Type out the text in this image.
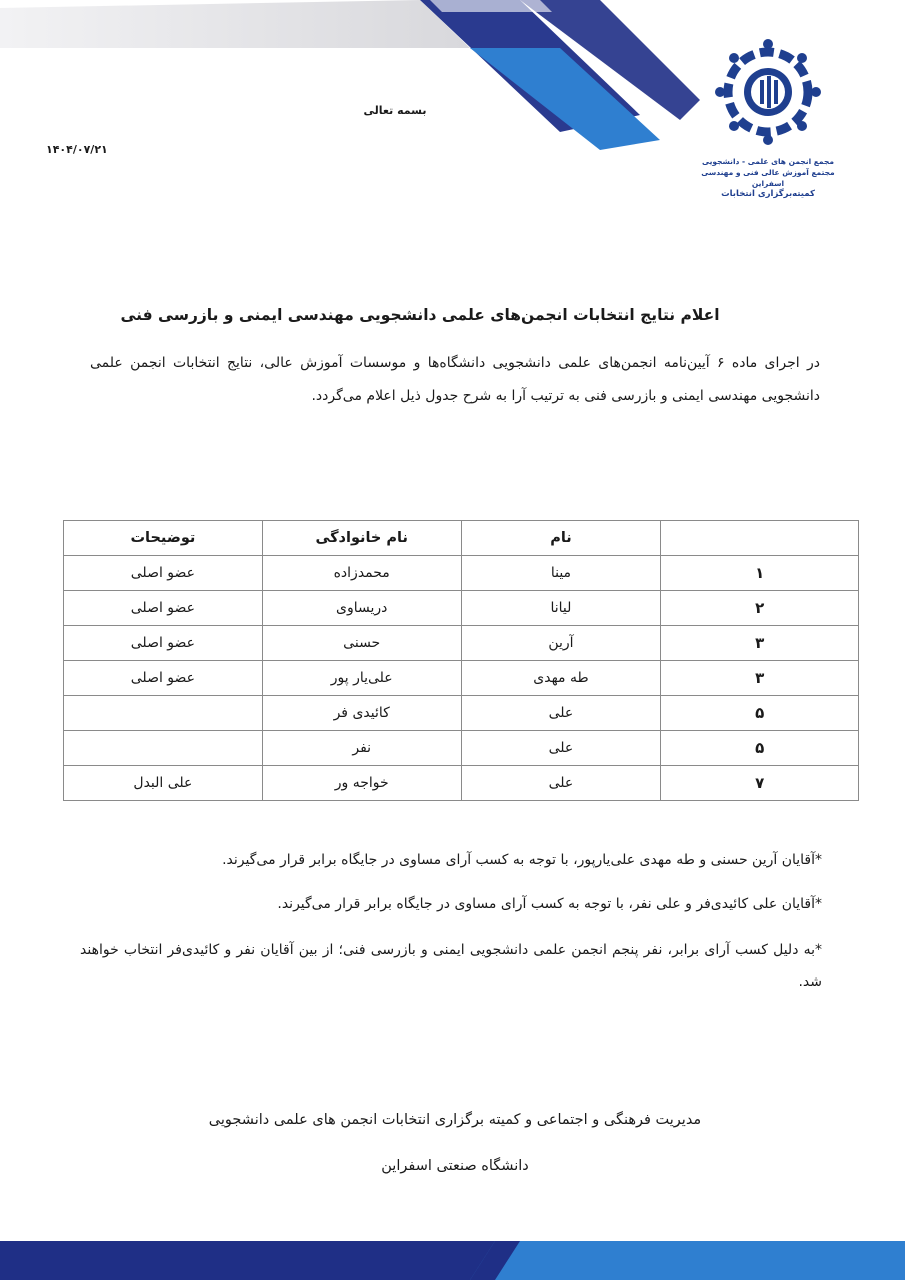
مجمع انجمن های علمی - دانشجویی
مجتمع آموزش عالی فنی و مهندسی اسفراین
کمیته‌برگزاری انتخابات
بسمه تعالی
۱۴۰۴/۰۷/۲۱
اعلام نتایج انتخابات انجمن‌های علمی دانشجویی مهندسی ایمنی و بازرسی فنی
در اجرای ماده ۶ آیین‌نامه انجمن‌های علمی دانشجویی دانشگاه‌ها و موسسات آموزش عالی، نتایج انتخابات انجمن علمی دانشجویی مهندسی ایمنی و بازرسی فنی به ترتیب آرا به شرح جدول ذیل اعلام می‌گردد.
	نام	نام خانوادگی	توضیحات
۱	مینا	محمدزاده	عضو اصلی
۲	لیانا	دریساوی	عضو اصلی
۳	آرین	حسنی	عضو اصلی
۳	طه مهدی	علی‌یار پور	عضو اصلی
۵	علی	کائیدی فر	
۵	علی	نفر	
۷	علی	خواجه ور	علی البدل

*آقایان آرین حسنی و طه مهدی علی‌یارپور، با توجه به کسب آرای مساوی در جایگاه برابر قرار می‌گیرند.

*آقایان علی کائیدی‌فر و علی نفر، با توجه به کسب آرای مساوی در جایگاه برابر قرار می‌گیرند.

*به دلیل کسب آرای برابر، نفر پنجم انجمن علمی دانشجویی ایمنی و بازرسی فنی؛ از بین آقایان نفر و کائیدی‌فر انتخاب خواهند شد.

مدیریت فرهنگی و اجتماعی و کمیته برگزاری انتخابات انجمن های علمی دانشجویی
دانشگاه صنعتی اسفراین
